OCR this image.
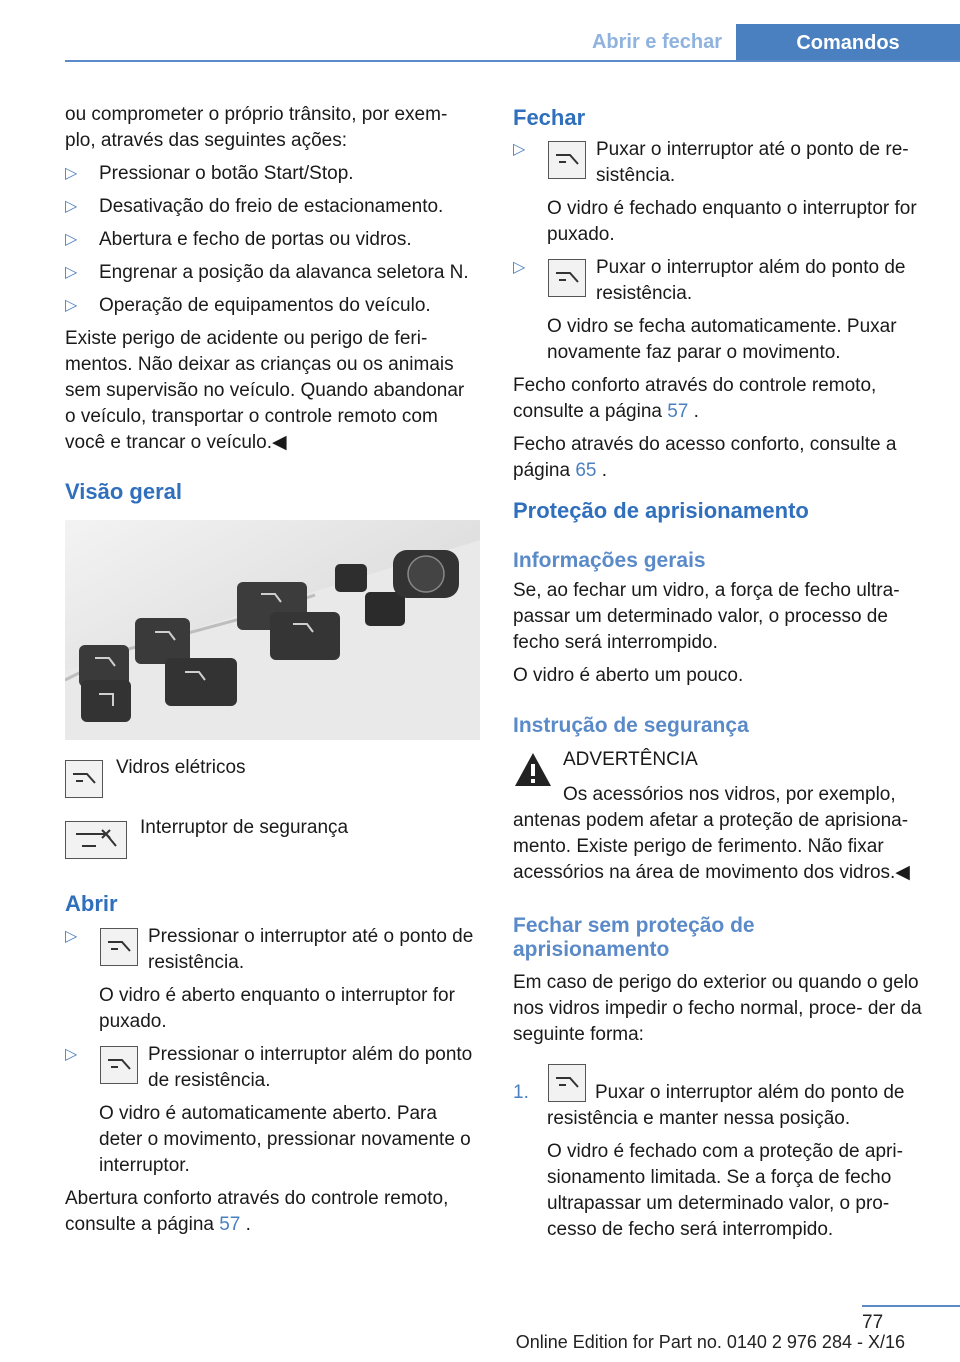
Abrir e fechar	Comandos

ou comprometer o próprio trânsito, por exem- plo, através das seguintes ações:

▷ Pressionar o botão Start/Stop.
▷ Desativação do freio de estacionamento.
▷ Abertura e fecho de portas ou vidros.
▷ Engrenar a posição da alavanca seletora N.
▷ Operação de equipamentos do veículo.

Existe perigo de acidente ou perigo de feri- mentos. Não deixar as crianças ou os animais sem supervisão no veículo. Quando abandonar o veículo, transportar o controle remoto com você e trancar o veículo.◀

Visão geral
Vidros elétricos
Interruptor de segurança
Abrir
▷	Pressionar o interruptor até o ponto de resistência.

O vidro é aberto enquanto o interruptor for puxado.

▷	Pressionar o interruptor além do ponto de resistência.

O vidro é automaticamente aberto. Para deter o movimento, pressionar novamente o interruptor.

Abertura conforto através do controle remoto, consulte a página 57 .

Fechar
▷	Puxar o interruptor até o ponto de re- sistência.

O vidro é fechado enquanto o interruptor for puxado.

▷	Puxar o interruptor além do ponto de resistência.

O vidro se fecha automaticamente. Puxar novamente faz parar o movimento.

Fecho conforto através do controle remoto, consulte a página 57 .

Fecho através do acesso conforto, consulte a página 65 .

Proteção de aprisionamento
Informações gerais

Se, ao fechar um vidro, a força de fecho ultra- passar um determinado valor, o processo de fecho será interrompido.

O vidro é aberto um pouco.

Instrução de segurança
ADVERTÊNCIA

Os acessórios nos vidros, por exemplo, antenas podem afetar a proteção de aprisiona- mento. Existe perigo de ferimento. Não fixar acessórios na área de movimento dos vidros.◀

Fechar sem proteção de aprisionamento

Em caso de perigo do exterior ou quando o gelo nos vidros impedir o fecho normal, proce- der da seguinte forma:

1.	Puxar o interruptor além do ponto de resistência e manter nessa posição.

O vidro é fechado com a proteção de apri- sionamento limitada. Se a força de fecho ultrapassar um determinado valor, o pro- cesso de fecho será interrompido.

77
Online Edition for Part no. 0140 2 976 284 - X/16
